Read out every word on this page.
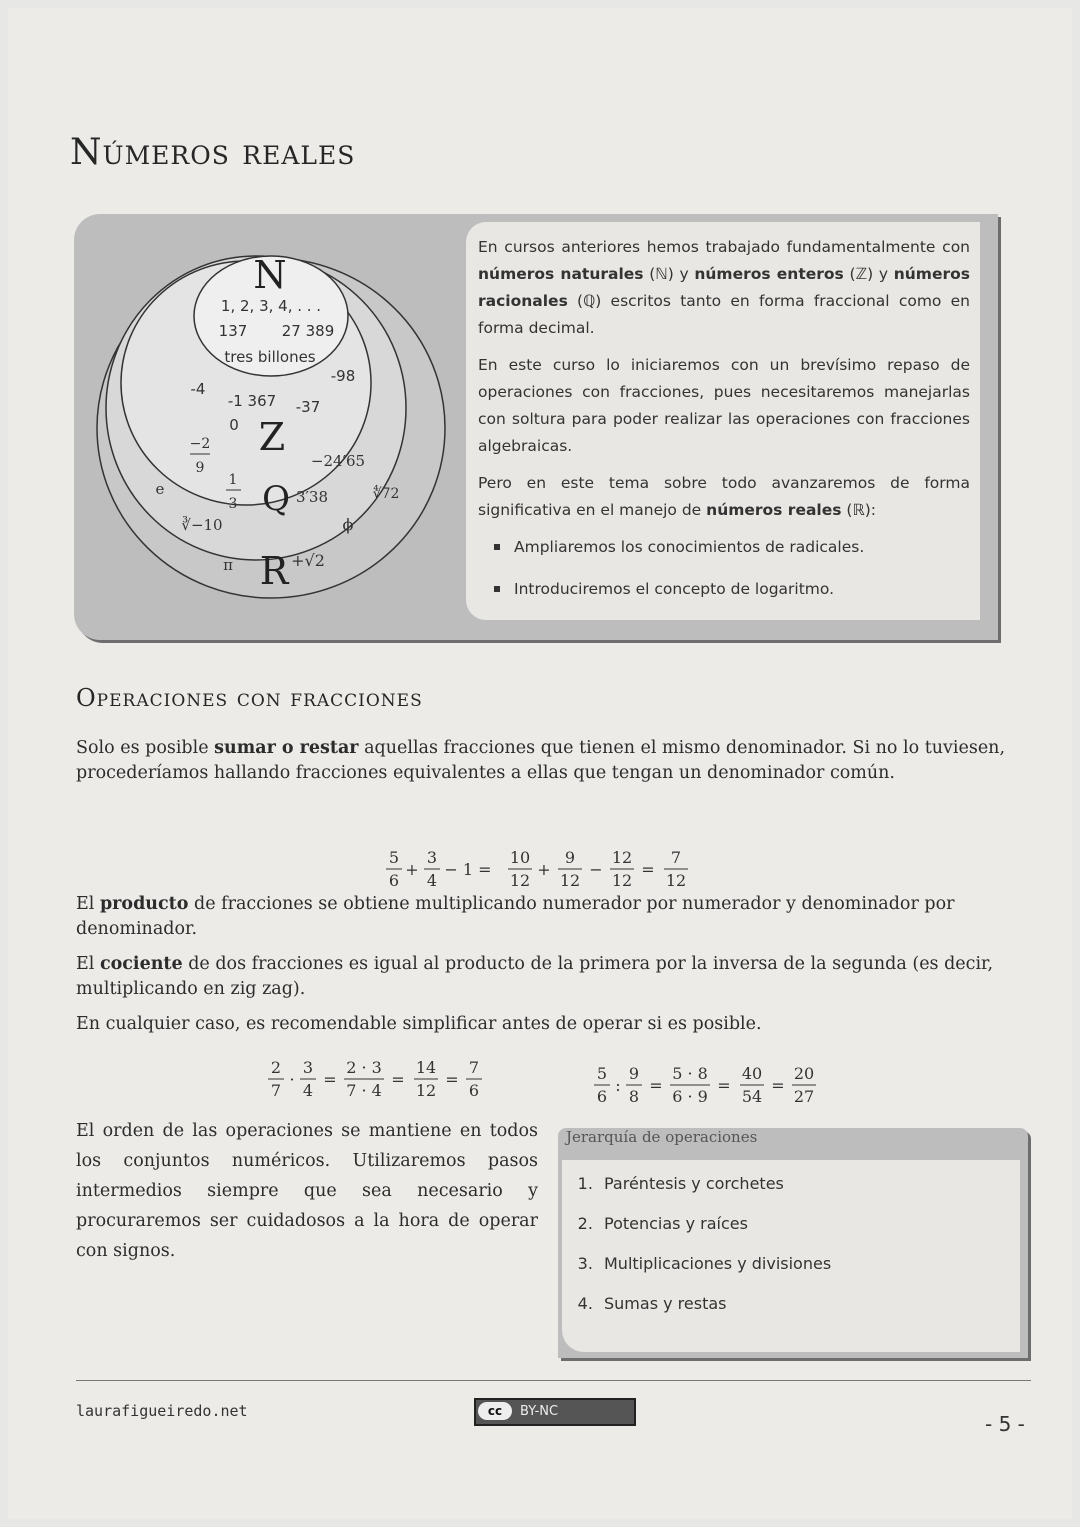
Números reales
N
1, 2, 3, 4, . . .
137 27 389
tres billones
-98
-4
-1 367 -37
0 Z
−24′65
−2
9
1
3 Q 3′38
e
∛−10
∜72
ϕ
π R +√2

En cursos anteriores hemos trabajado fundamentalmente con números naturales (ℕ) y números enteros (ℤ) y números racionales (ℚ) escritos tanto en forma fraccional como en forma decimal.

En este curso lo iniciaremos con un brevísimo repaso de operaciones con fracciones, pues necesitaremos manejarlas con soltura para poder realizar las operaciones con fracciones algebraicas.

Pero en este tema sobre todo avanzaremos de forma significativa en el manejo de números reales (ℝ):

Ampliaremos los conocimientos de radicales.
Introduciremos el concepto de logaritmo.
Operaciones con fracciones
Solo es posible sumar o restar aquellas fracciones que tienen el mismo denominador. Si no lo tuviesen, procederíamos hallando fracciones equivalentes a ellas que tengan un denominador común.
5
6
+
3
4
− 1 =
10
12
+
9
12
−
12
12
=
7
12
El producto de fracciones se obtiene multiplicando numerador por numerador y denominador por denominador.
El cociente de dos fracciones es igual al producto de la primera por la inversa de la segunda (es decir, multiplicando en zig zag).
En cualquier caso, es recomendable simplificar antes de operar si es posible.
2
7
·
3
4
=
2 · 3
7 · 4
=
14
12
=
7
6
5
6
:
9
8
=
5 · 8
6 · 9
=
40
54
=
20
27
El orden de las operaciones se mantiene en todos los conjuntos numéricos. Utilizaremos pasos intermedios siempre que sea necesario y procuraremos ser cuidadosos a la hora de operar con signos.
Jerarquía de operaciones
1. Paréntesis y corchetes
2. Potencias y raíces
3. Multiplicaciones y divisiones
4. Sumas y restas
laurafigueiredo.net	cc	BY-NC
- 5 -
